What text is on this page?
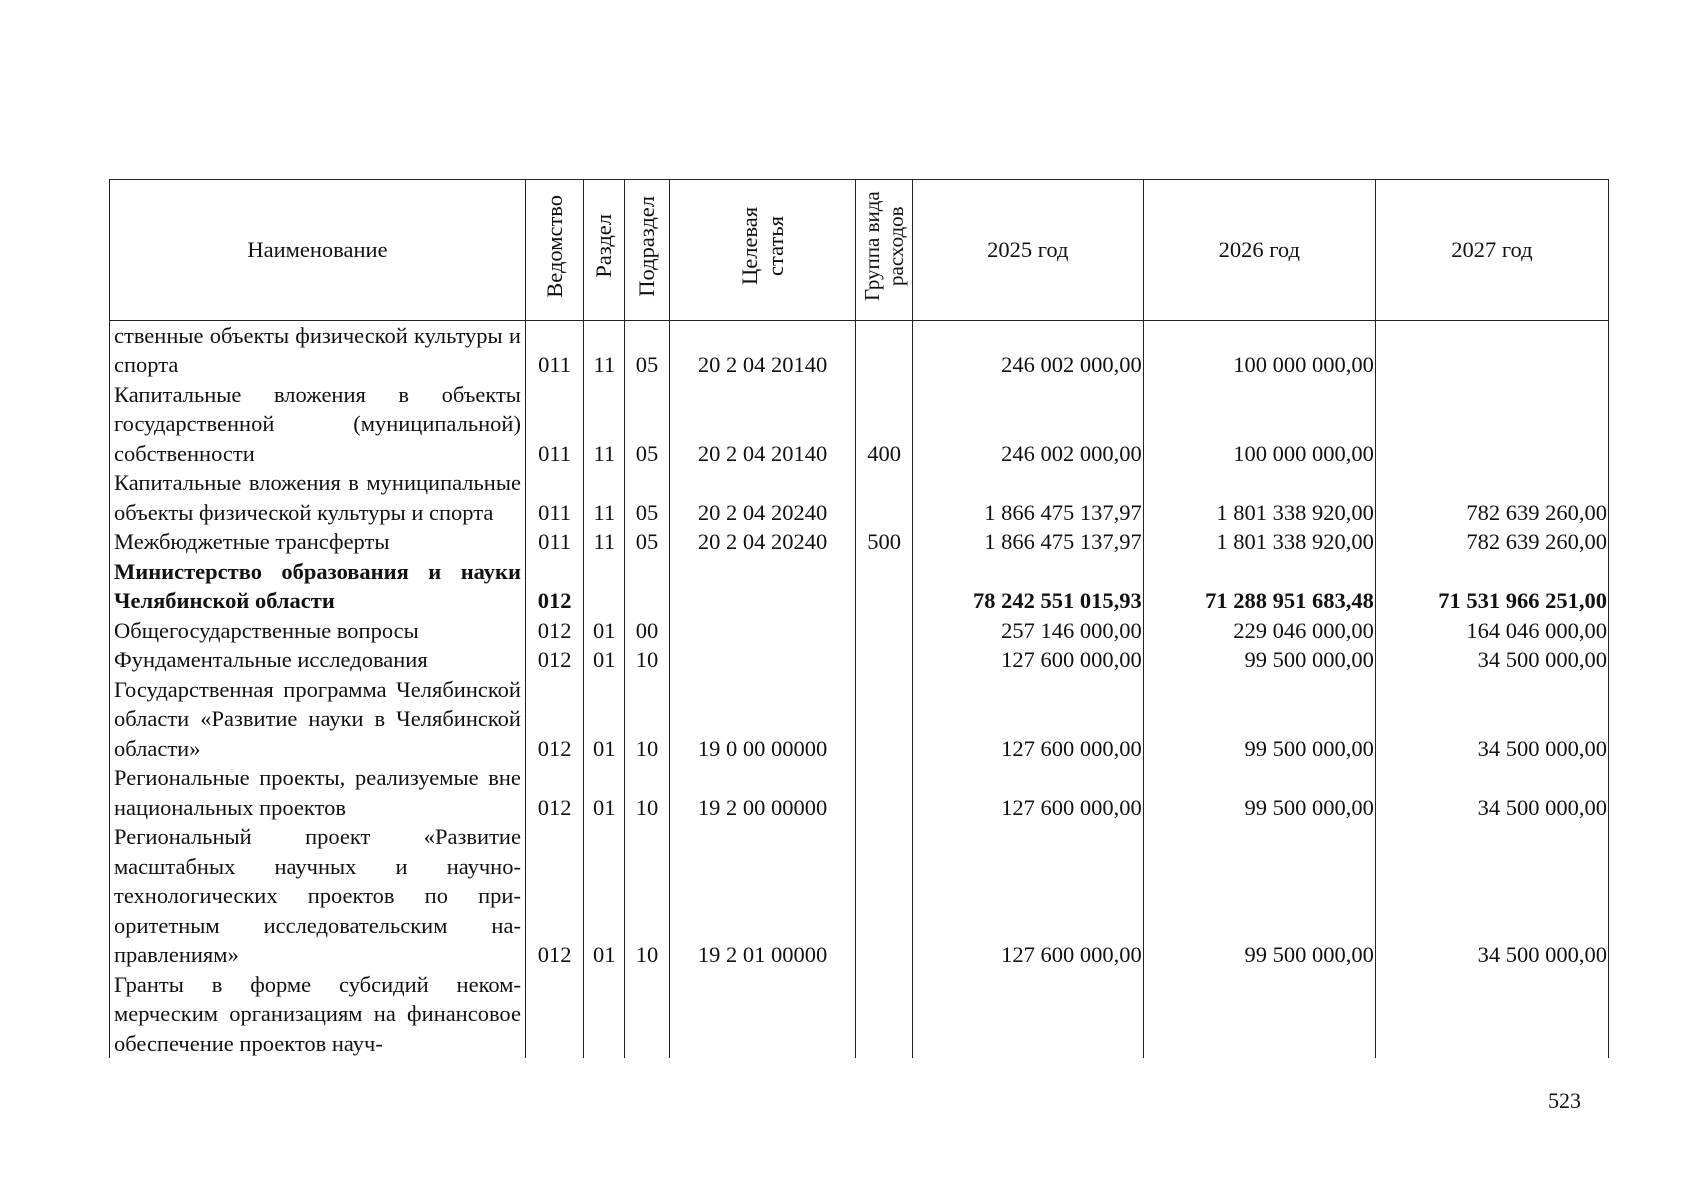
Наименование	Ведомство	Раздел	Подраздел	Целевая статья	Группа вида расходов	2025 год	2026 год	2027 год
ственные объекты физической культуры и спорта	011	11	05	20 2 04 20140		246 002 000,00	100 000 000,00	
Капитальные вложения в объекты государственной (муниципальной) собственности	011	11	05	20 2 04 20140	400	246 002 000,00	100 000 000,00	
Капитальные вложения в муниципальные объекты физической культуры и спорта	011	11	05	20 2 04 20240		1 866 475 137,97	1 801 338 920,00	782 639 260,00
Межбюджетные трансферты	011	11	05	20 2 04 20240	500	1 866 475 137,97	1 801 338 920,00	782 639 260,00
Министерство образования и науки Челябинской области	012					78 242 551 015,93	71 288 951 683,48	71 531 966 251,00
Общегосударственные вопросы	012	01	00			257 146 000,00	229 046 000,00	164 046 000,00
Фундаментальные исследования	012	01	10			127 600 000,00	99 500 000,00	34 500 000,00
Государственная программа Челябинской области «Развитие науки в Челябинской области»	012	01	10	19 0 00 00000		127 600 000,00	99 500 000,00	34 500 000,00
Региональные проекты, реализуемые вне национальных проектов	012	01	10	19 2 00 00000		127 600 000,00	99 500 000,00	34 500 000,00
Региональный проект «Развитие масштабных научных и научно-технологических проектов по приоритетным исследовательским направлениям»	012	01	10	19 2 01 00000		127 600 000,00	99 500 000,00	34 500 000,00
Гранты в форме субсидий некоммерческим организациям на финансовое обеспечение проектов науч-								
523
